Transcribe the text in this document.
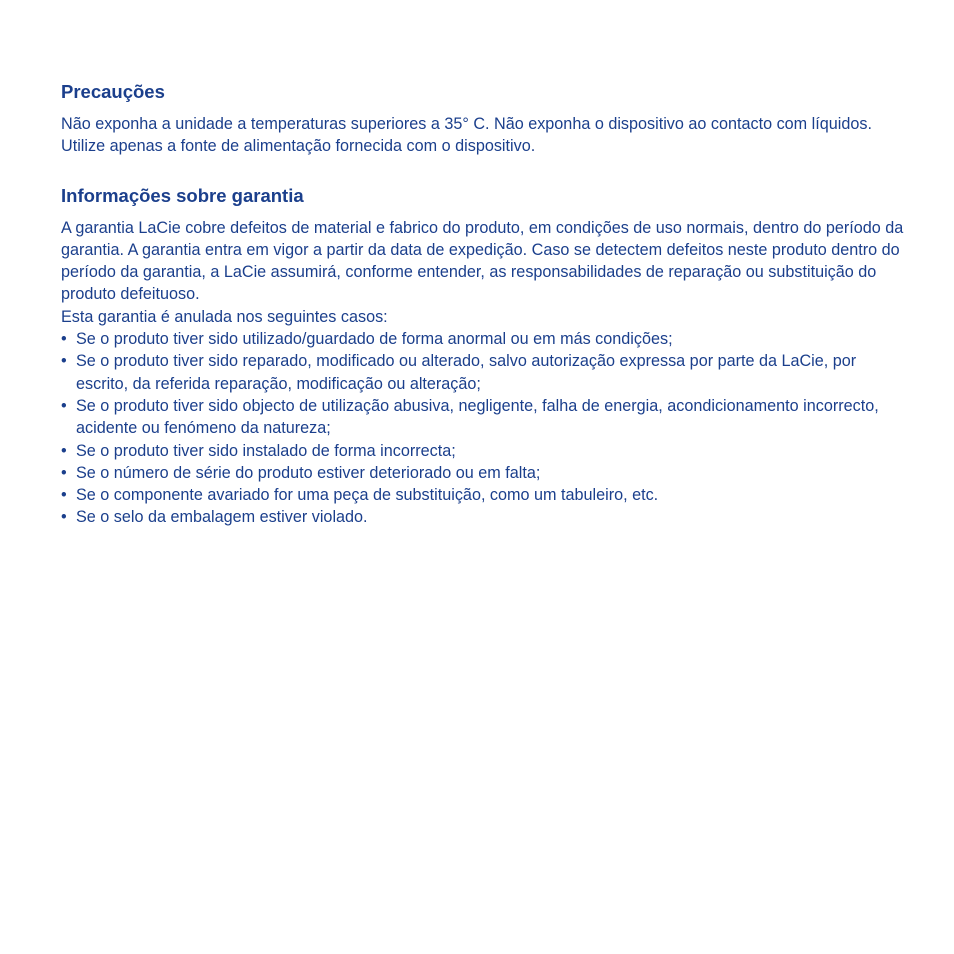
Precauções

Não exponha a unidade a temperaturas superiores a 35° C. Não exponha o dispositivo ao contacto com líquidos. Utilize apenas a fonte de alimentação fornecida com o dispositivo.

Informações sobre garantia

A garantia LaCie cobre defeitos de material e fabrico do produto, em condições de uso normais, dentro do período da garantia. A garantia entra em vigor a partir da data de expedição. Caso se detectem defeitos neste produto dentro do período da garantia, a LaCie assumirá, conforme entender, as responsabilidades de reparação ou substituição do produto defeituoso.

Esta garantia é anulada nos seguintes casos:

• Se o produto tiver sido utilizado/guardado de forma anormal ou em más condições;
• Se o produto tiver sido reparado, modificado ou alterado, salvo autorização expressa por parte da LaCie, por escrito, da referida reparação, modificação ou alteração;
• Se o produto tiver sido objecto de utilização abusiva, negligente, falha de energia, acondicionamento incorrecto, acidente ou fenómeno da natureza;
• Se o produto tiver sido instalado de forma incorrecta;
• Se o número de série do produto estiver deteriorado ou em falta;
• Se o componente avariado for uma peça de substituição, como um tabuleiro, etc.
• Se o selo da embalagem estiver violado.
